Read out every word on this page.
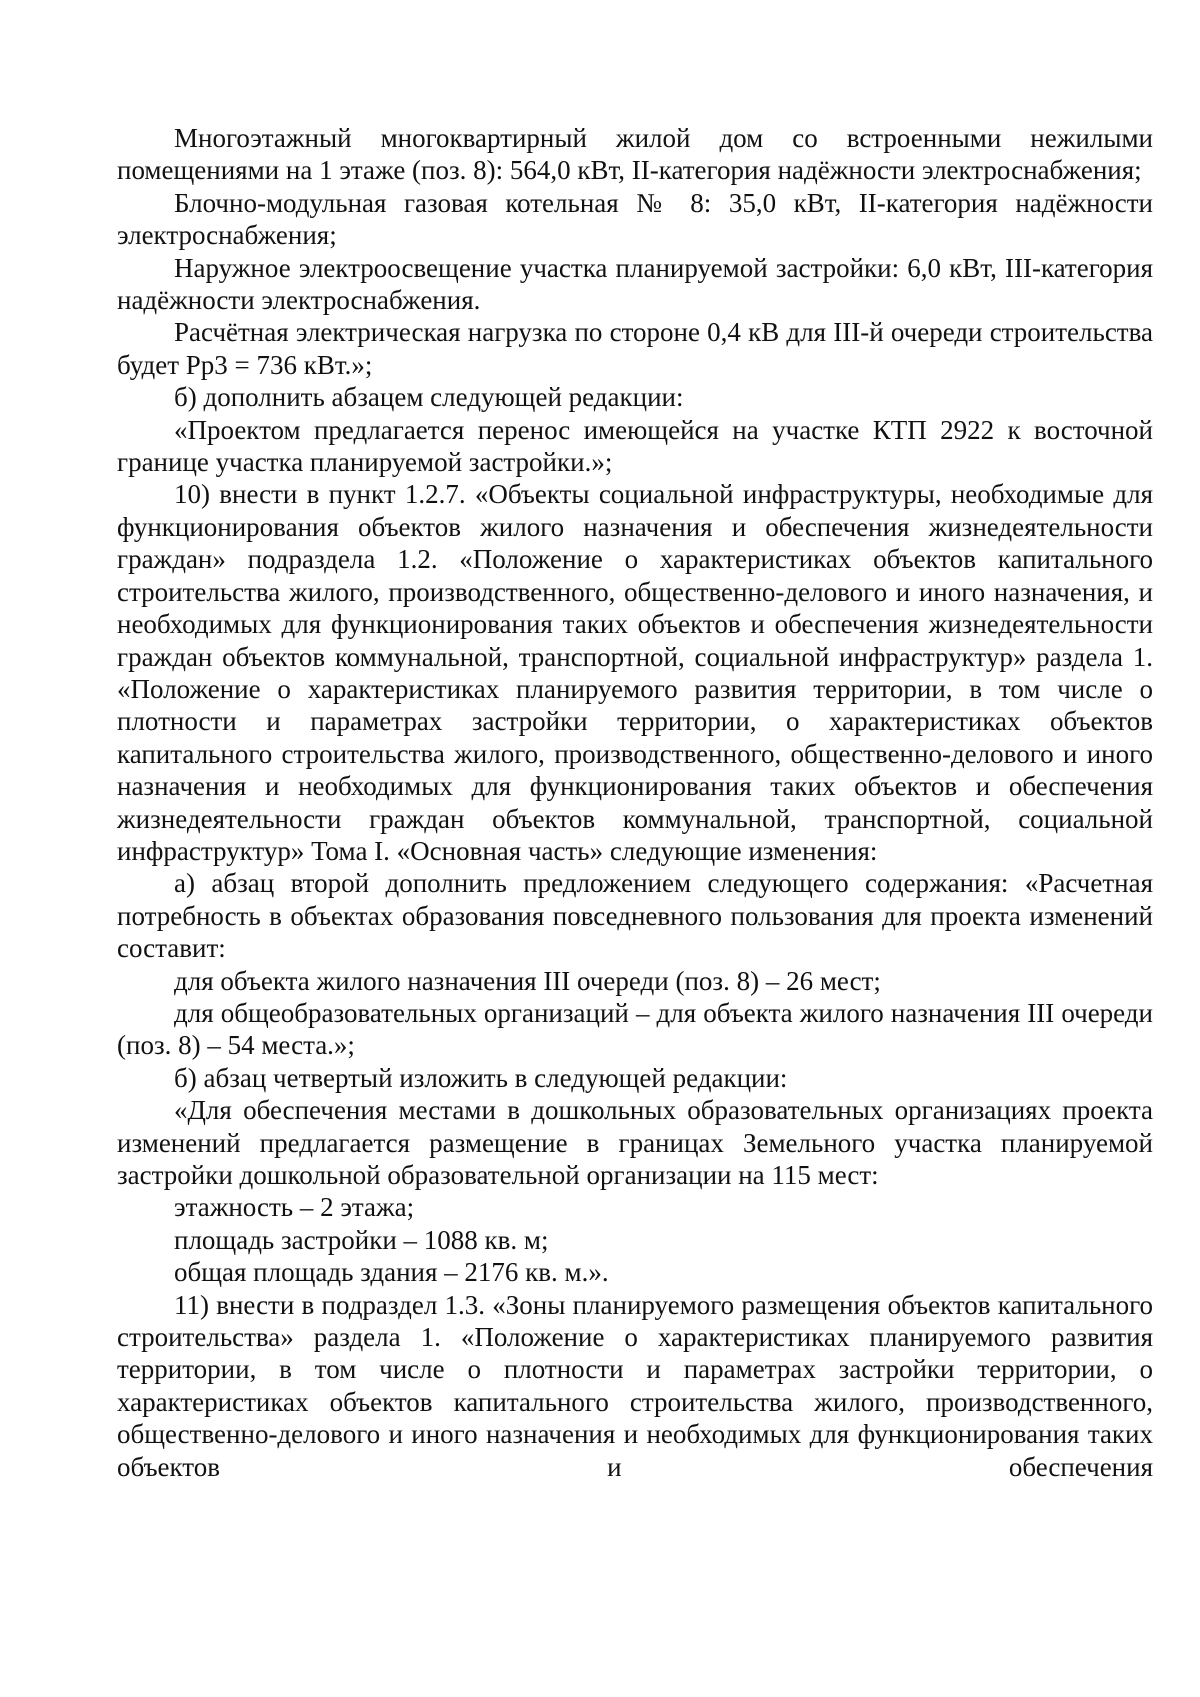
Многоэтажный многоквартирный жилой дом со встроенными нежилыми помещениями на 1 этаже (поз. 8): 564,0 кВт, II-категория надёжности электроснабжения;

Блочно-модульная газовая котельная № 8: 35,0 кВт, II-категория надёжности электроснабжения;

Наружное электроосвещение участка планируемой застройки: 6,0 кВт, III-категория надёжности электроснабжения.

Расчётная электрическая нагрузка по стороне 0,4 кВ для III-й очереди строительства будет Рр3 = 736 кВт.»;

б) дополнить абзацем следующей редакции:

«Проектом предлагается перенос имеющейся на участке КТП 2922 к восточной границе участка планируемой застройки.»;

10) внести в пункт 1.2.7. «Объекты социальной инфраструктуры, необходимые для функционирования объектов жилого назначения и обеспечения жизнедеятельности граждан» подраздела 1.2. «Положение о характеристиках объектов капитального строительства жилого, производственного, общественно-делового и иного назначения, и необходимых для функционирования таких объектов и обеспечения жизнедеятельности граждан объектов коммунальной, транспортной, социальной инфраструктур» раздела 1. «Положение о характеристиках планируемого развития территории, в том числе о плотности и параметрах застройки территории, о характеристиках объектов капитального строительства жилого, производственного, общественно-делового и иного назначения и необходимых для функционирования таких объектов и обеспечения жизнедеятельности граждан объектов коммунальной, транспортной, социальной инфраструктур» Тома I. «Основная часть» следующие изменения:

а) абзац второй дополнить предложением следующего содержания: «Расчетная потребность в объектах образования повседневного пользования для проекта изменений составит:

для объекта жилого назначения III очереди (поз. 8) – 26 мест;

для общеобразовательных организаций – для объекта жилого назначения III очереди (поз. 8) – 54 места.»;

б) абзац четвертый изложить в следующей редакции:

«Для обеспечения местами в дошкольных образовательных организациях проекта изменений предлагается размещение в границах Земельного участка планируемой застройки дошкольной образовательной организации на 115 мест:

этажность – 2 этажа;

площадь застройки – 1088 кв. м;

общая площадь здания – 2176 кв. м.».

11) внести в подраздел 1.3. «Зоны планируемого размещения объектов капитального строительства» раздела 1. «Положение о характеристиках планируемого развития территории, в том числе о плотности и параметрах застройки территории, о характеристиках объектов капитального строительства жилого, производственного, общественно-делового и иного назначения и необходимых для функционирования таких объектов и обеспечения
